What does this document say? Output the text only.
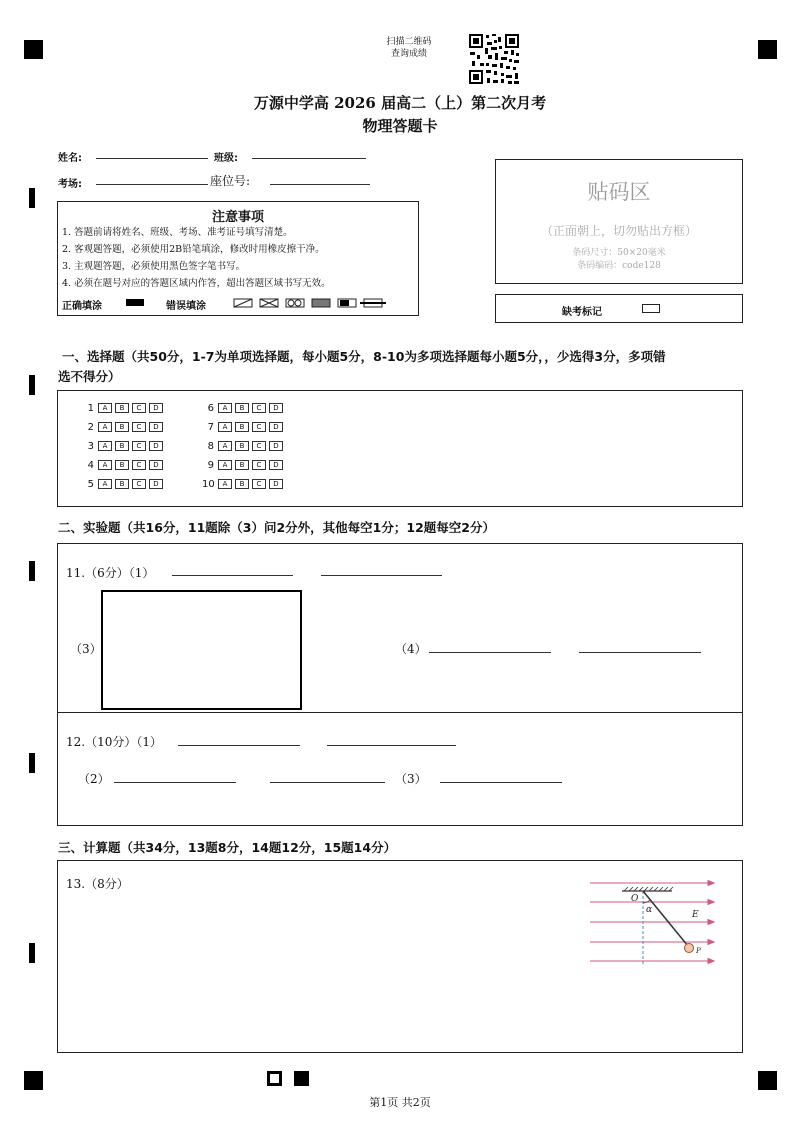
扫描二维码
查询成绩
万源中学高 2026 届高二（上）第二次月考
物理答题卡
姓名:	班级:
考场:	座位号:
注意事项
1. 答题前请将姓名、班级、考场、准考证号填写清楚。
2. 客观题答题，必须使用2B铅笔填涂，修改时用橡皮擦干净。
3. 主观题答题，必须使用黑色签字笔书写。
4. 必须在题号对应的答题区域内作答，超出答题区域书写无效。
正确填涂	错误填涂
贴码区
（正面朝上，切勿贴出方框）
条码尺寸：50×20毫米
条码编码：code128
缺考标记
一、选择题（共50分，1-7为单项选择题，每小题5分，8-10为多项选择题每小题5分，，少选得3分，多项错
选不得分）
1 A B C D
2 A B C D
3 A B C D
4 A B C D
5 A B C D
6 A B C D
7 A B C D
8 A B C D
9 A B C D
10 A B C D
二、实验题（共16分，11题除（3）问2分外，其他每空1分；12题每空2分）
11.（6分）（1）
（3）	（4）
12.（10分）（1）
（2）	（3）
三、计算题（共34分，13题8分，14题12分，15题14分）
13.（8分）
O
α	E
P
第1页 共2页
